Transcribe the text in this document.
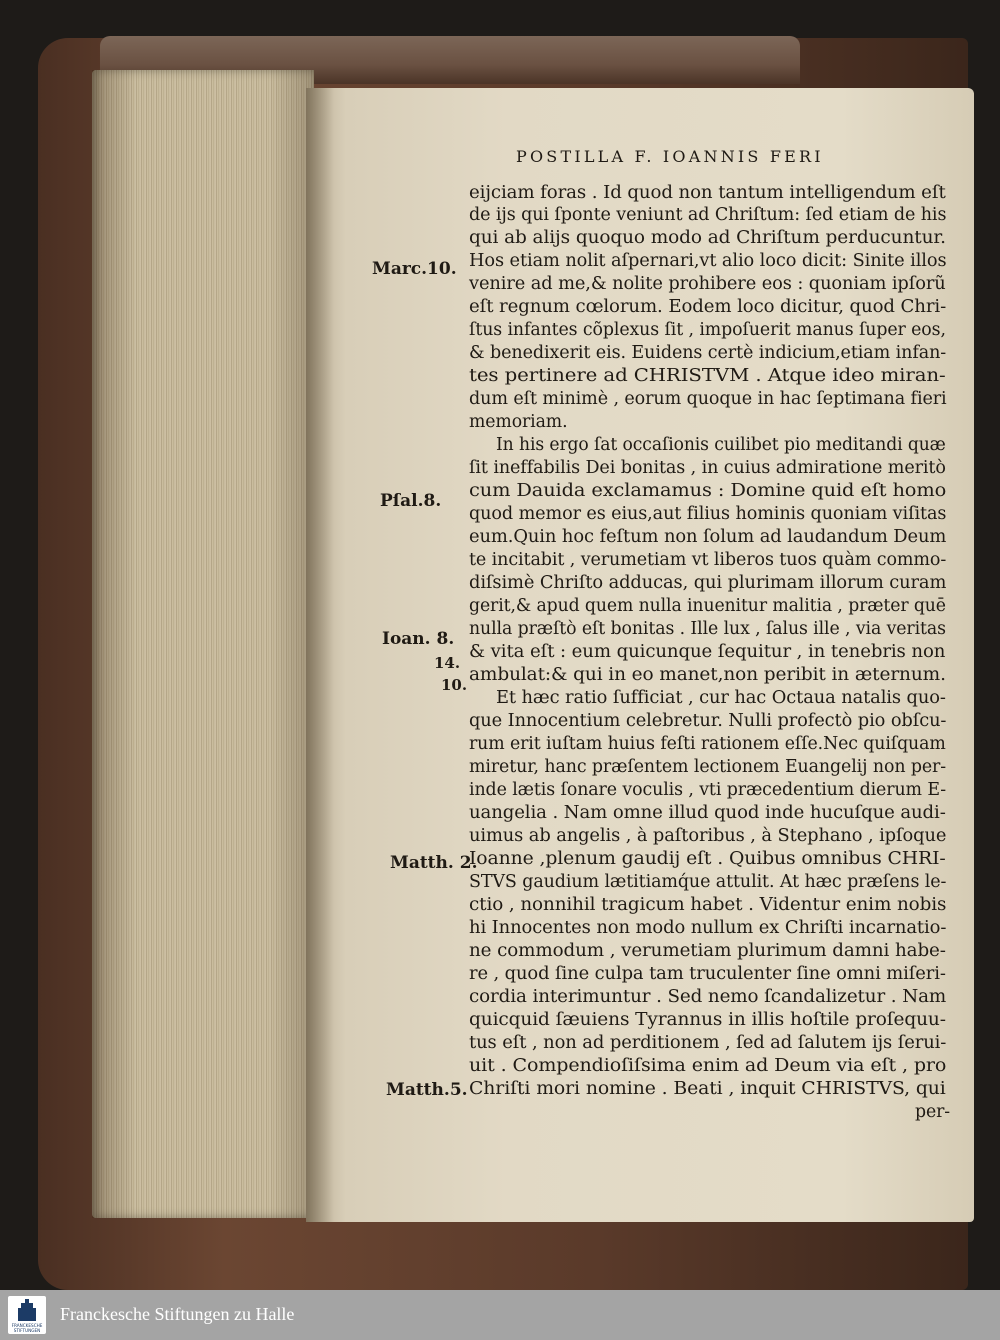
POSTILLA F. IOANNIS FERI
eijciam foras . Id quod non tantum intelligendum eſt
de ijs qui ſponte veniunt ad Chriſtum: ſed etiam de his
qui ab alijs quoquo modo ad Chriſtum perducuntur.
Hos etiam nolit aſpernari,vt alio loco dicit: Sinite illos
venire ad me,& nolite prohibere eos : quoniam ipſorũ
eſt regnum cœlorum. Eodem loco dicitur, quod Chri-
ſtus infantes cõplexus ſit , impoſuerit manus ſuper eos,
& benedixerit eis. Euidens certè indicium,etiam infan-
tes pertinere ad CHRISTVM . Atque ideo miran-
dum eſt minimè , eorum quoque in hac ſeptimana fieri
memoriam.
In his ergo ſat occaſionis cuilibet pio meditandi quæ
ſit ineffabilis Dei bonitas , in cuius admiratione meritò
cum Dauida exclamamus : Domine quid eſt homo
quod memor es eius,aut filius hominis quoniam viſitas
eum.Quin hoc feſtum non ſolum ad laudandum Deum
te incitabit , verumetiam vt liberos tuos quàm commo-
diſsimè Chriſto adducas, qui plurimam illorum curam
gerit,& apud quem nulla inuenitur malitia , præter quē
nulla præſtò eſt bonitas . Ille lux , ſalus ille , via veritas
& vita eſt : eum quicunque ſequitur , in tenebris non
ambulat:& qui in eo manet,non peribit in æternum.
Et hæc ratio ſufficiat , cur hac Octaua natalis quo-
que Innocentium celebretur. Nulli profectò pio obſcu-
rum erit iuſtam huius feſti rationem eſſe.Nec quiſquam
miretur, hanc præſentem lectionem Euangelij non per-
inde lætis ſonare voculis , vti præcedentium dierum E-
uangelia . Nam omne illud quod inde hucuſque audi-
uimus ab angelis , à paſtoribus , à Stephano , ipſoque
Ioanne ,plenum gaudij eſt . Quibus omnibus CHRI-
STVS gaudium lætitiamq́ue attulit. At hæc præſens le-
ctio , nonnihil tragicum habet . Videntur enim nobis
hi Innocentes non modo nullum ex Chriſti incarnatio-
ne commodum , verumetiam plurimum damni habe-
re , quod ſine culpa tam truculenter ſine omni miſeri-
cordia interimuntur . Sed nemo ſcandalizetur . Nam
quicquid ſæuiens Tyrannus in illis hoſtile proſequu-
tus eſt , non ad perditionem , ſed ad ſalutem ijs ſerui-
uit . Compendioſiſsima enim ad Deum via eſt , pro
Chriſti mori nomine . Beati , inquit CHRISTVS, qui
per-
Marc.10.
Pſal.8.
Ioan. 8.
14.
10.
Matth. 2.
Matth.5.
FRANCKESCHE
STIFTUNGEN
Franckesche Stiftungen zu Halle
